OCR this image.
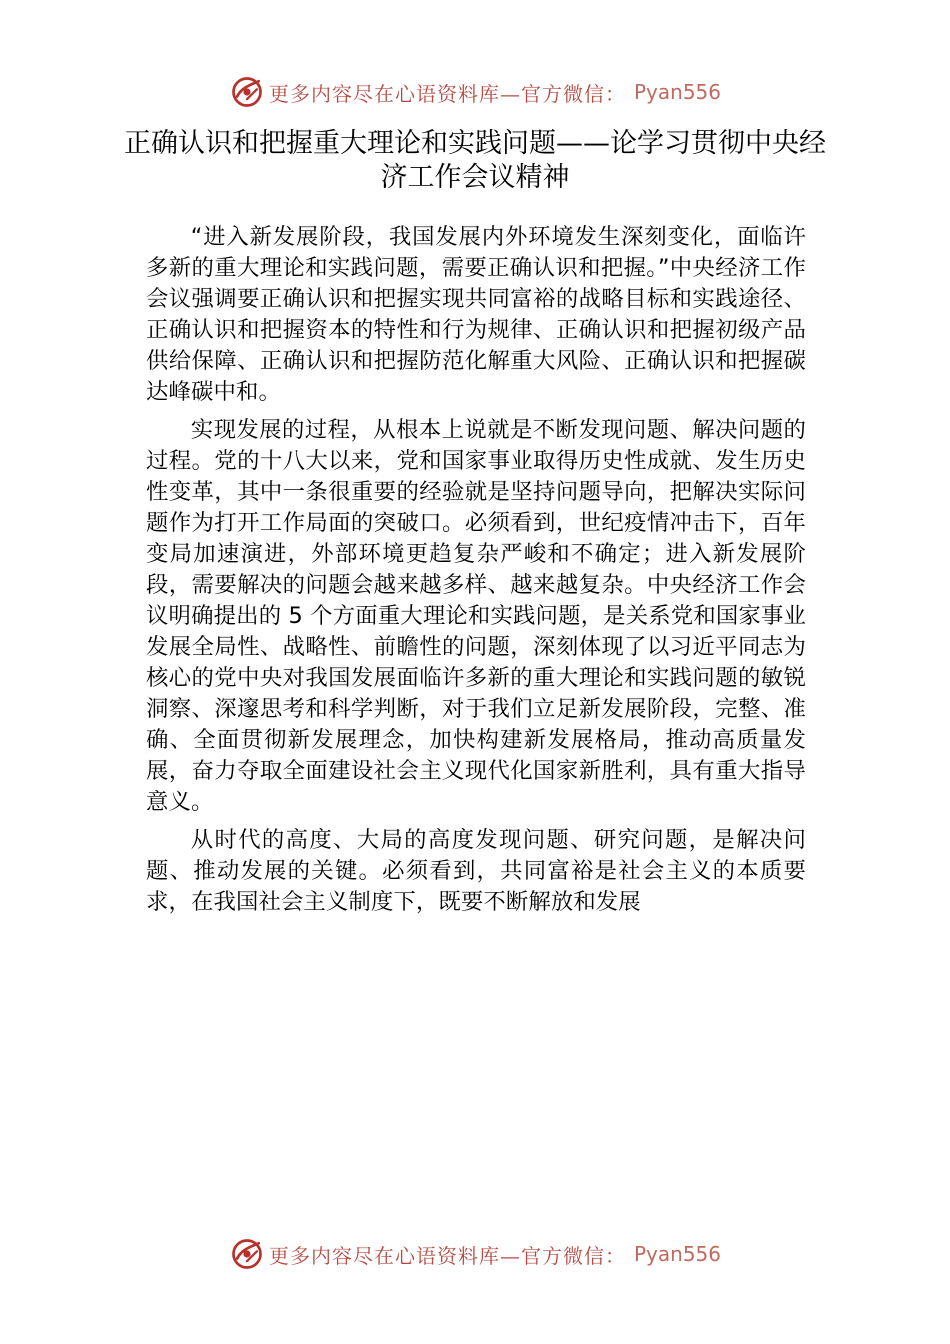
更多内容尽在心语资料库—官方微信： Pyan556
正确认识和把握重大理论和实践问题——论学习贯彻中央经济工作会议精神

“进入新发展阶段，我国发展内外环境发生深刻变化，面临许多新的重大理论和实践问题，需要正确认识和把握。”中央经济工作会议强调要正确认识和把握实现共同富裕的战略目标和实践途径、正确认识和把握资本的特性和行为规律、正确认识和把握初级产品供给保障、正确认识和把握防范化解重大风险、正确认识和把握碳达峰碳中和。

实现发展的过程，从根本上说就是不断发现问题、解决问题的过程。党的十八大以来，党和国家事业取得历史性成就、发生历史性变革，其中一条很重要的经验就是坚持问题导向，把解决实际问题作为打开工作局面的突破口。必须看到，世纪疫情冲击下，百年变局加速演进，外部环境更趋复杂严峻和不确定；进入新发展阶段，需要解决的问题会越来越多样、越来越复杂。中央经济工作会议明确提出的 5 个方面重大理论和实践问题，是关系党和国家事业发展全局性、战略性、前瞻性的问题，深刻体现了以习近平同志为核心的党中央对我国发展面临许多新的重大理论和实践问题的敏锐洞察、深邃思考和科学判断，对于我们立足新发展阶段，完整、准确、全面贯彻新发展理念，加快构建新发展格局，推动高质量发展，奋力夺取全面建设社会主义现代化国家新胜利，具有重大指导意义。

从时代的高度、大局的高度发现问题、研究问题，是解决问题、推动发展的关键。必须看到，共同富裕是社会主义的本质要求，在我国社会主义制度下，既要不断解放和发展

更多内容尽在心语资料库—官方微信： Pyan556
